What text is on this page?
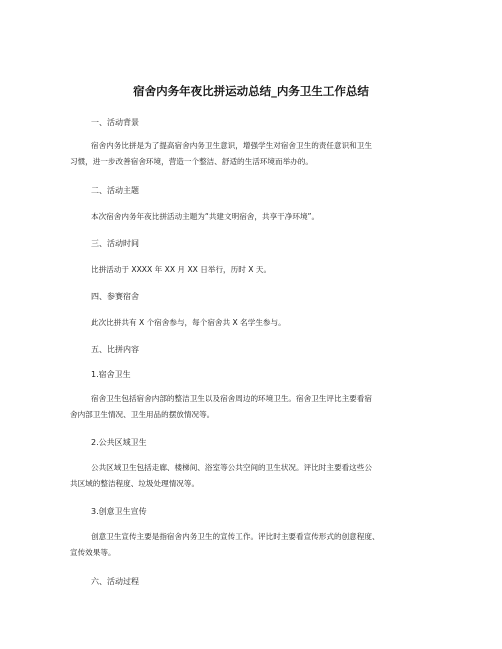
宿舍内务年夜比拼运动总结_内务卫生工作总结
一、活动背景
宿舍内务比拼是为了提高宿舍内务卫生意识，增强学生对宿舍卫生的责任意识和卫生
习惯，进一步改善宿舍环境，营造一个整洁、舒适的生活环境而举办的。
二、活动主题
本次宿舍内务年夜比拼活动主题为“共建文明宿舍，共享干净环境”。
三、活动时间
比拼活动于 XXXX 年 XX 月 XX 日举行，历时 X 天。
四、参赛宿舍
此次比拼共有 X 个宿舍参与，每个宿舍共 X 名学生参与。
五、比拼内容
1.宿舍卫生
宿舍卫生包括宿舍内部的整洁卫生以及宿舍周边的环境卫生。宿舍卫生评比主要看宿
舍内部卫生情况、卫生用品的摆放情况等。
2.公共区域卫生
公共区域卫生包括走廊、楼梯间、浴室等公共空间的卫生状况。评比时主要看这些公
共区域的整洁程度、垃圾处理情况等。
3.创意卫生宣传
创意卫生宣传主要是指宿舍内务卫生的宣传工作。评比时主要看宣传形式的创意程度、
宣传效果等。
六、活动过程
